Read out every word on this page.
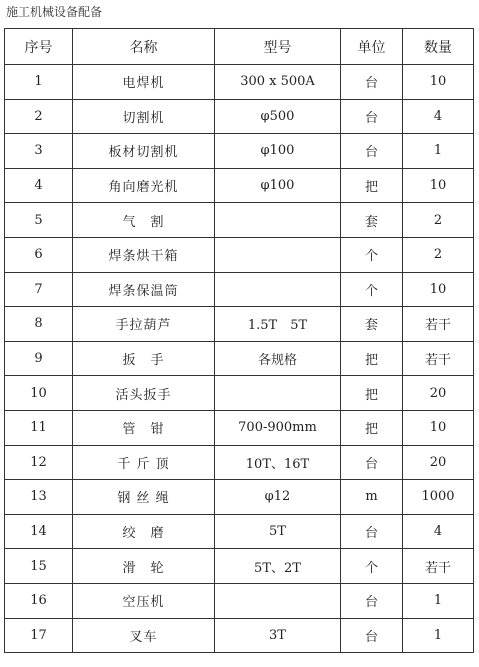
施工机械设备配备
序号	名称	型号	单位	数量
1	电焊机	300 x 500A	台	10
2	切割机	φ500	台	4
3	板材切割机	φ100	台	1
4	角向磨光机	φ100	把	10
5	气　割		套	2
6	焊条烘干箱		个	2
7	焊条保温筒		个	10
8	手拉葫芦	1.5T　5T	套	若干
9	扳　手	各规格	把	若干
10	活头扳手		把	20
11	管　钳	700-900mm	把	10
12	千 斤 顶	10T、16T	台	20
13	钢 丝 绳	φ12	m	1000
14	绞　磨	5T	台	4
15	滑　轮	5T、2T	个	若干
16	空压机		台	1
17	叉车	3T	台	1
